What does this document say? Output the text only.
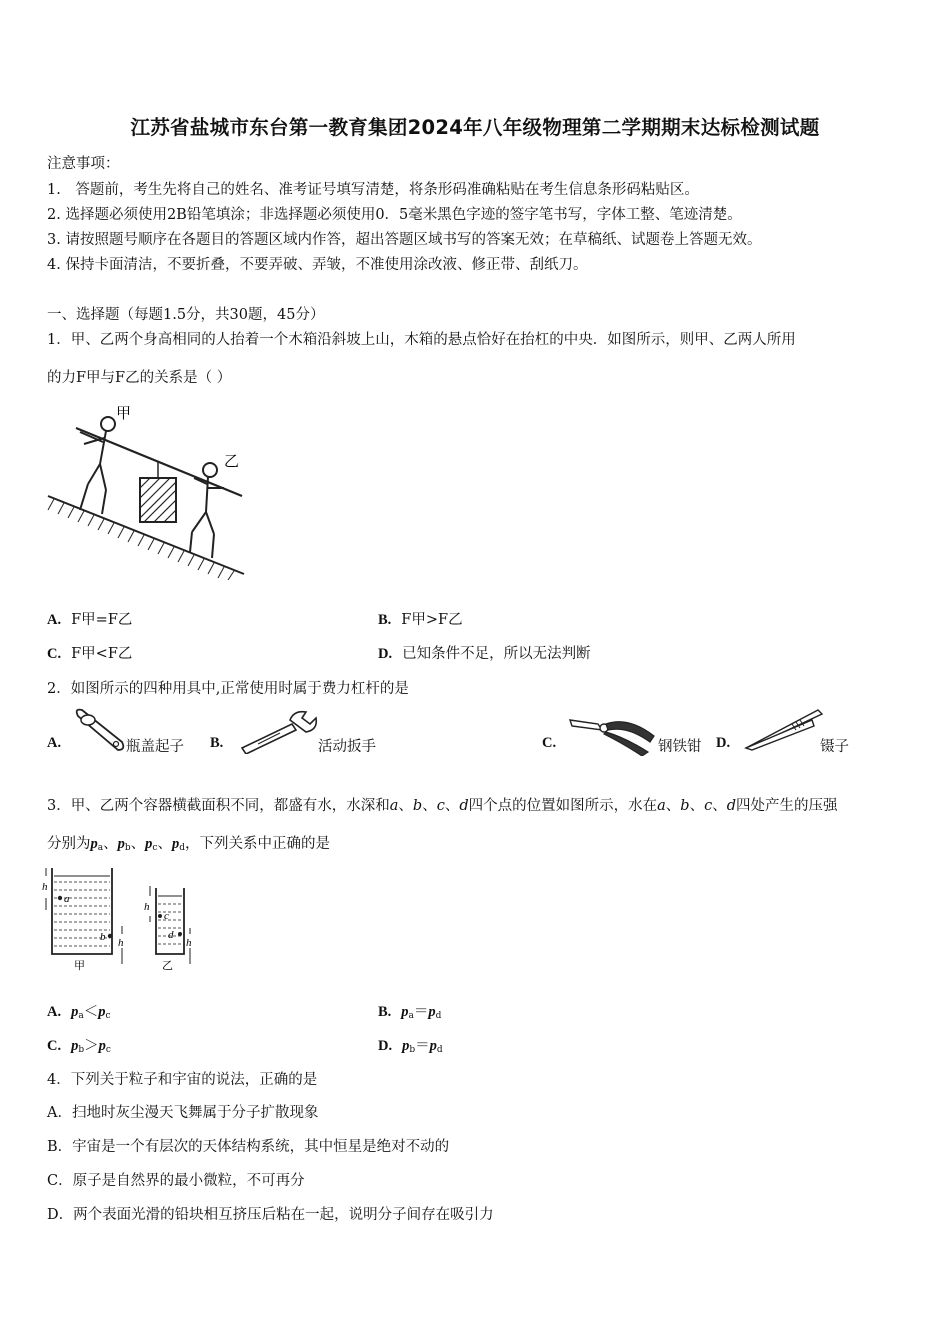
江苏省盐城市东台第一教育集团2024年八年级物理第二学期期末达标检测试题
注意事项：
1.　答题前，考生先将自己的姓名、准考证号填写清楚，将条形码准确粘贴在考生信息条形码粘贴区。
2. 选择题必须使用2B铅笔填涂；非选择题必须使用0．5毫米黑色字迹的签字笔书写，字体工整、笔迹清楚。
3. 请按照题号顺序在各题目的答题区域内作答，超出答题区域书写的答案无效；在草稿纸、试题卷上答题无效。
4. 保持卡面清洁，不要折叠，不要弄破、弄皱，不准使用涂改液、修正带、刮纸刀。
一、选择题（每题1.5分，共30题，45分）
1．甲、乙两个身高相同的人抬着一个木箱沿斜坡上山，木箱的悬点恰好在抬杠的中央．如图所示，则甲、乙两人所用
的力F甲与F乙的关系是（ ）
甲
乙
A. F甲=F乙	B. F甲>F乙
C. F甲<F乙	D. 已知条件不足，所以无法判断
2．如图所示的四种用具中,正常使用时属于费力杠杆的是
A.	瓶盖起子 B.	活动扳手	C.	钢铁钳 D.	镊子
3．甲、乙两个容器横截面积不同，都盛有水，水深和a、b、c、d四个点的位置如图所示，水在a、b、c、d四处产生的压强
分别为$p_a$、$p_b$、$p_c$、$p_d$，下列关系中正确的是
a
b
h
h
甲
c
d
h
h
乙
A. $p_a<p_c$	B. $p_a=p_d$
C. $p_b>p_c$	D. $p_b=p_d$
4．下列关于粒子和宇宙的说法，正确的是
A．扫地时灰尘漫天飞舞属于分子扩散现象
B．宇宙是一个有层次的天体结构系统，其中恒星是绝对不动的
C．原子是自然界的最小微粒，不可再分
D．两个表面光滑的铅块相互挤压后粘在一起，说明分子间存在吸引力
